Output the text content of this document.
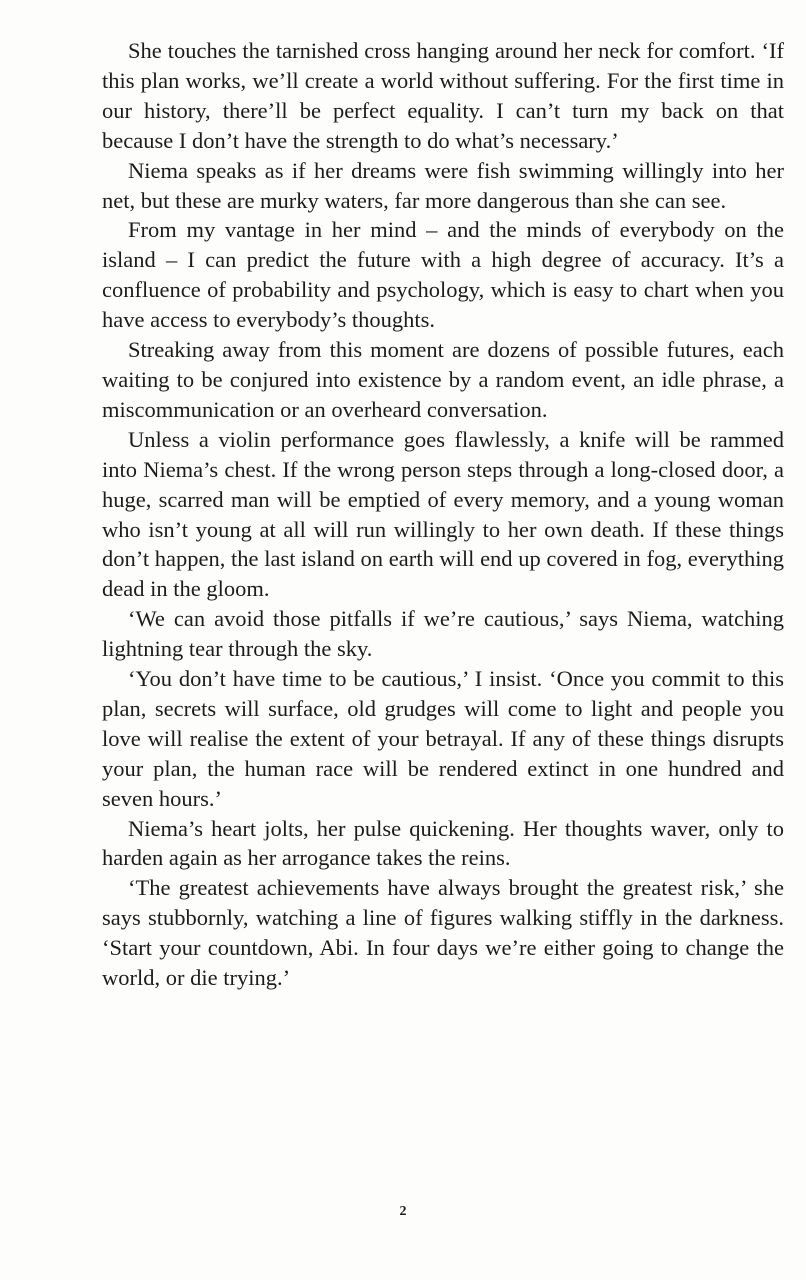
She touches the tarnished cross hanging around her neck for comfort. ‘If this plan works, we’ll create a world without suffering. For the first time in our history, there’ll be perfect equality. I can’t turn my back on that because I don’t have the strength to do what’s necessary.’

Niema speaks as if her dreams were fish swimming willingly into her net, but these are murky waters, far more dangerous than she can see.

From my vantage in her mind – and the minds of everybody on the island – I can predict the future with a high degree of accuracy. It’s a confluence of probability and psychology, which is easy to chart when you have access to everybody’s thoughts.

Streaking away from this moment are dozens of possible futures, each waiting to be conjured into existence by a random event, an idle phrase, a miscommunication or an overheard conversation.

Unless a violin performance goes flawlessly, a knife will be rammed into Niema’s chest. If the wrong person steps through a long-closed door, a huge, scarred man will be emptied of every memory, and a young woman who isn’t young at all will run willingly to her own death. If these things don’t happen, the last island on earth will end up covered in fog, everything dead in the gloom.

‘We can avoid those pitfalls if we’re cautious,’ says Niema, watching lightning tear through the sky.

‘You don’t have time to be cautious,’ I insist. ‘Once you commit to this plan, secrets will surface, old grudges will come to light and people you love will realise the extent of your betrayal. If any of these things disrupts your plan, the human race will be rendered extinct in one hundred and seven hours.’

Niema’s heart jolts, her pulse quickening. Her thoughts waver, only to harden again as her arrogance takes the reins.

‘The greatest achievements have always brought the greatest risk,’ she says stubbornly, watching a line of figures walking stiffly in the darkness. ‘Start your countdown, Abi. In four days we’re either going to change the world, or die trying.’

2
